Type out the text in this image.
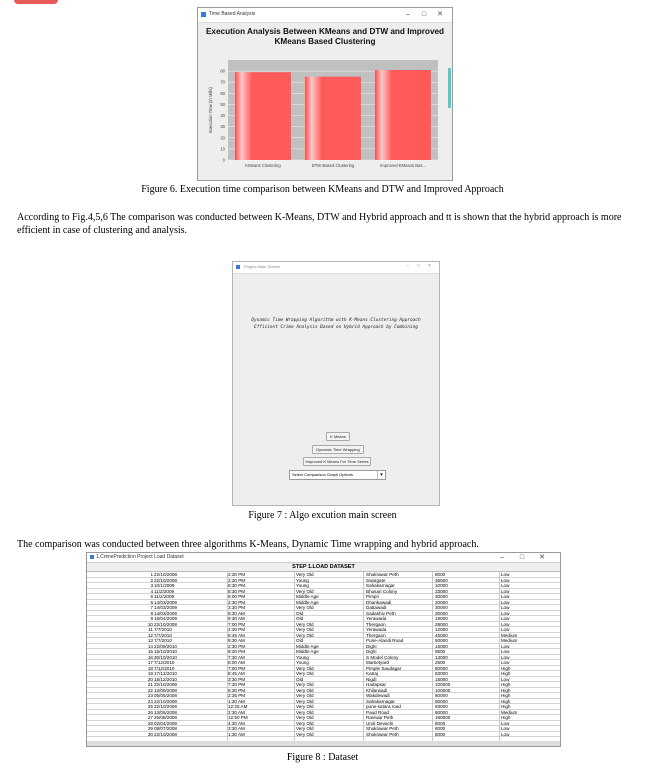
Time Based Analysis	– □ ✕
Execution Analysis Between KMeans and DTW and Improved
KMeans Based Clustering
0
10
20
30
40
50
60
70
80
KMeans Clustering	DTW Based Clustering	Improved KMeans Bas...
Execution Time (In Mills)
Figure 6. Execution time comparison between KMeans and DTW and Improved Approach
According to Fig.4,5,6 The comparison was conducted between K-Means, DTW and Hybrid approach and tt is shown that the hybrid approach is more efficient in case of clustering and analysis.
Project Main Screen	– □ ✕
Dynamic Time Wrapping Algorithm with K-Means Clustering Approach
Efficient Crime Analysis Based on Hybrid Approach by Combining
K Means
Dynamic Time Wrapping
Improved K Means For Time Series
Select Comparison Graph Options	▾
Figure 7 : Algo excution main screen
The comparison was conducted between three algorithms K-Means, Dynamic Time wrapping and hybrid approach.
1.CrimePrediction Project Load Dataset	– □ ✕
STEP 1.LOAD DATASET
1 22/10/2008	2:30 PM	Very Old	Shukrawar Peth	8000	Low
2 22/10/2008	2:30 PM	Young	Swargate	36500	Low
3 10/1/2009	8:30 PM	Young	Sahakarnagar	10000	Low
4 11/2/2009	8:30 PM	Very Old	Bhusari Colony	33000	Low
5 11/2/2009	8:00 PM	Middle Age	Pimpri	30000	Low
6 14/03/2009	2:30 PM	Middle Age	Dhankawadi	20000	Low
7 14/03/2009	3:30 PM	Very Old	Dattawadi	30000	Low
8 14/03/2009	8:30 AM	Old	Sadashiv Peth	30000	Low
9 16/04/2009	9:30 AM	Old	Yerawada	19000	Low
10 22/10/2008	7:00 PM	Very Old	Thergaon	29000	Low
11 7/7/2010	2:30 PM	Very Old	Yerawada	12000	Low
12 7/7/2010	8:45 AM	Very Old	Thergaon	45000	Medium
13 7/7/2010	9:30 AM	Old	Pune-Alandi Road	50000	Medium
14 22/09/2010	2:30 PM	Middle Age	Dighi	16000	Low
15 15/10/2010	8:30 PM	Middle Age	Dighi	8500	Low
16 30/10/2010	7:30 AM	Young	S Model Colony	13000	Low
17 7/12/2010	8:00 AM	Young	Marketyard	2500	Low
18 7/12/2010	7:00 PM	Very Old	Pimple Saudagar	80000	High
19 17/12/2010	8:45 AM	Very Old	Katraj	83000	High
20 18/12/2010	3:30 PM	Old	Nigdi	15000	Low
21 22/10/2008	7:30 PM	Very Old	Hadapsar	100000	High
22 12/09/2008	6:30 PM	Very Old	Khilarwadi	100000	High
23 05/05/2008	2:35 PM	Very Old	Wakdewadi	80000	High
24 22/10/2008	1:30 AM	Very Old	Sahakarnagar	90000	High
25 22/10/2008	12:25 AM	Very Old	pune-satara road	93000	High
26 13/06/2008	2:30 AM	Very Old	Paud Road	60000	Medium
27 25/08/2008	12:50 PM	Very Old	Raviwar Peth	180000	High
28 02/04/2008	4:30 AM	Very Old	Uruli Devachi	8000	Low
29 08/07/2008	3:30 AM	Very Old	Shukrawar Peth	8000	Low
30 22/10/2008	1:30 AM	Very Old	Shukrawar Peth	8000	Low
Figure 8 : Dataset
